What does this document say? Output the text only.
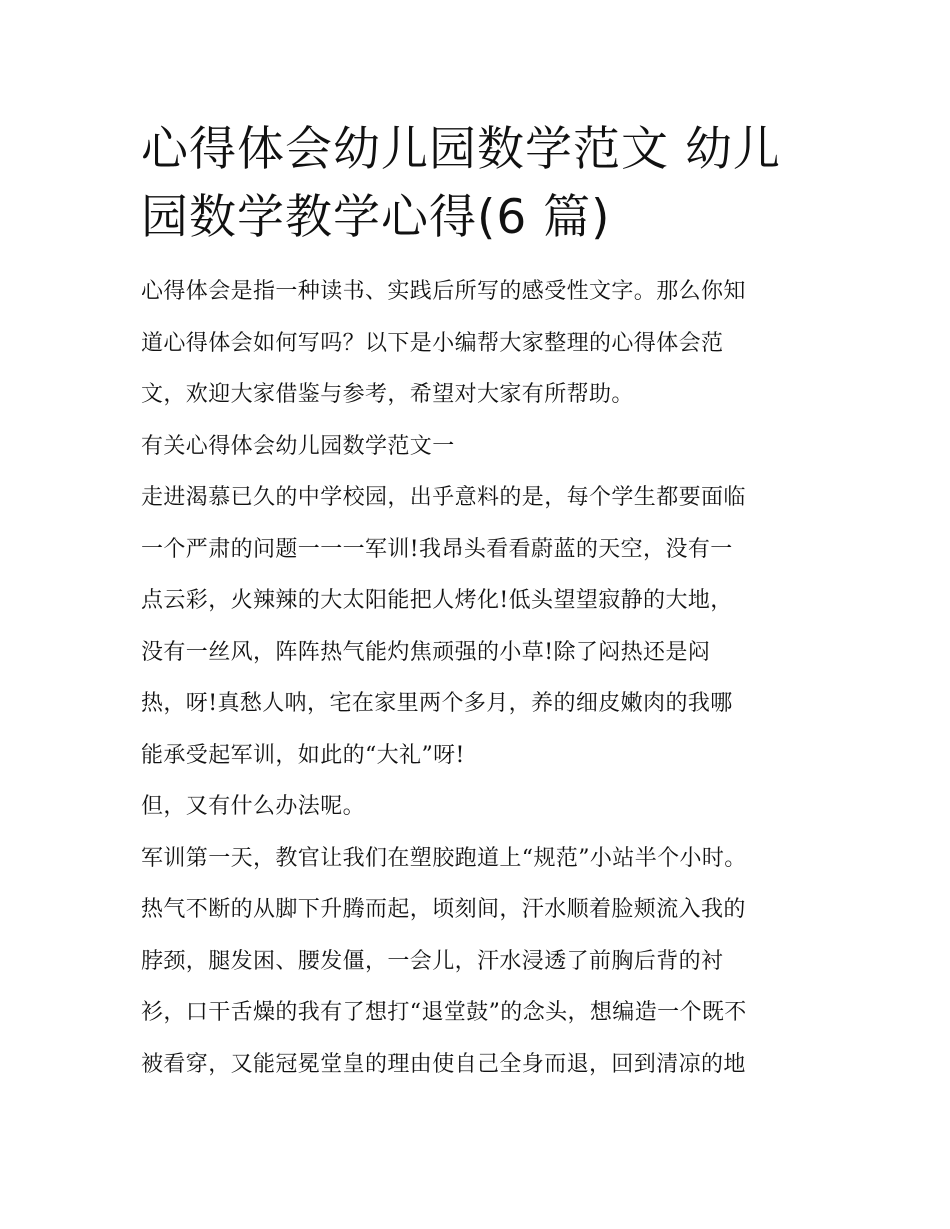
心得体会幼儿园数学范文 幼儿
园数学教学心得(6 篇)
心得体会是指一种读书、实践后所写的感受性文字。那么你知
道心得体会如何写吗？以下是小编帮大家整理的心得体会范
文，欢迎大家借鉴与参考，希望对大家有所帮助。
有关心得体会幼儿园数学范文一
走进渴慕已久的中学校园，出乎意料的是，每个学生都要面临
一个严肃的问题一一一军训!我昂头看看蔚蓝的天空，没有一
点云彩，火辣辣的大太阳能把人烤化!低头望望寂静的大地，
没有一丝风，阵阵热气能灼焦顽强的小草!除了闷热还是闷
热，呀!真愁人呐，宅在家里两个多月，养的细皮嫩肉的我哪
能承受起军训，如此的“大礼”呀!
但，又有什么办法呢。
军训第一天，教官让我们在塑胶跑道上“规范”小站半个小时。
热气不断的从脚下升腾而起，顷刻间，汗水顺着脸颊流入我的
脖颈，腿发困、腰发僵，一会儿，汗水浸透了前胸后背的衬
衫，口干舌燥的我有了想打“退堂鼓”的念头，想编造一个既不
被看穿，又能冠冕堂皇的理由使自己全身而退，回到清凉的地
